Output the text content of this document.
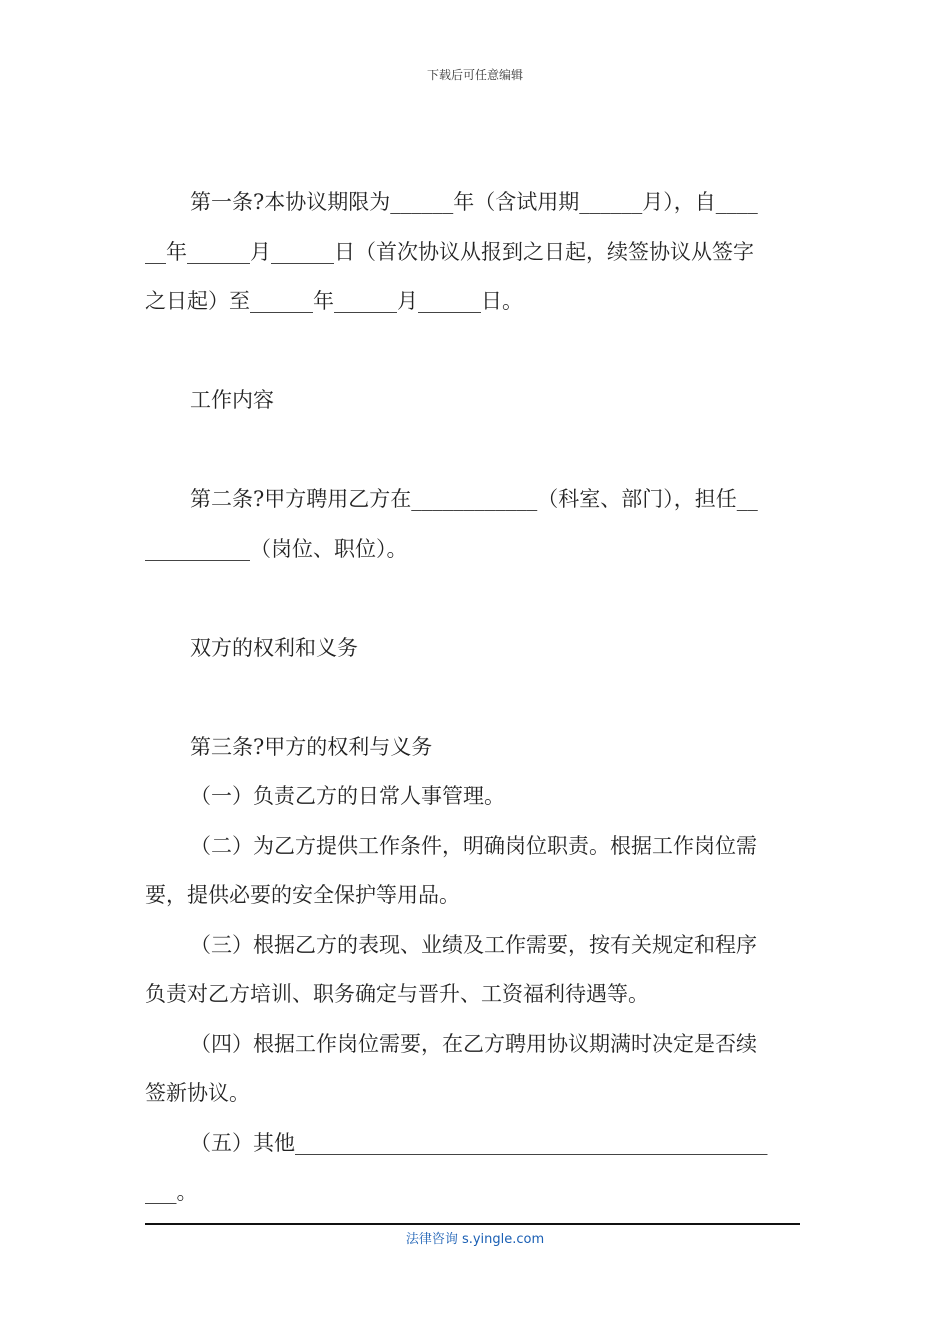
下载后可任意编辑
第一条?本协议期限为______年（含试用期______月），自____
__年______月______日（首次协议从报到之日起，续签协议从签字
之日起）至______年______月______日。
工作内容
第二条?甲方聘用乙方在____________（科室、部门），担任__
__________（岗位、职位）。
双方的权利和义务
第三条?甲方的权利与义务
（一）负责乙方的日常人事管理。
（二）为乙方提供工作条件，明确岗位职责。根据工作岗位需
要，提供必要的安全保护等用品。
（三）根据乙方的表现、业绩及工作需要，按有关规定和程序
负责对乙方培训、职务确定与晋升、工资福利待遇等。
（四）根据工作岗位需要，在乙方聘用协议期满时决定是否续
签新协议。
（五）其他_____________________________________________
___。
法律咨询 s.yingle.com
